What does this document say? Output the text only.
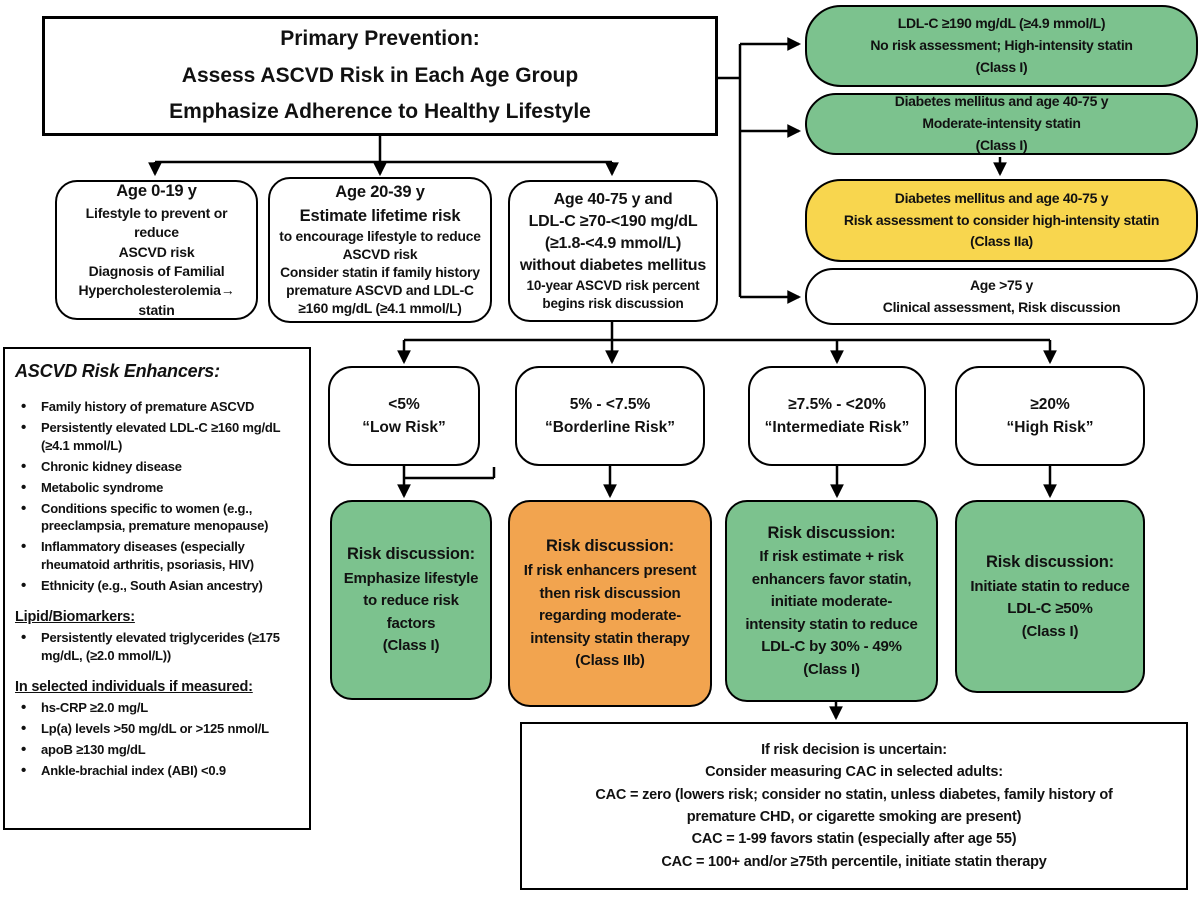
Primary Prevention:
Assess ASCVD Risk in Each Age Group
Emphasize Adherence to Healthy Lifestyle
LDL-C ≥190 mg/dL (≥4.9 mmol/L)
No risk assessment; High-intensity statin
(Class I)
Diabetes mellitus and age 40-75 y
Moderate-intensity statin
(Class I)
Diabetes mellitus and age 40-75 y
Risk assessment to consider high-intensity statin
(Class IIa)
Age >75 y
Clinical assessment, Risk discussion
Age 0-19 y
Lifestyle to prevent or reduce
ASCVD risk
Diagnosis of Familial
Hypercholesterolemia→ statin
Age 20-39 y
Estimate lifetime risk
to encourage lifestyle to reduce
ASCVD risk
Consider statin if family history
premature ASCVD and LDL-C
≥160 mg/dL (≥4.1 mmol/L)
Age 40-75 y and
LDL-C ≥70-<190 mg/dL
(≥1.8-<4.9 mmol/L)
without diabetes mellitus
10-year ASCVD risk percent
begins risk discussion
ASCVD Risk Enhancers:
• Family history of premature ASCVD
• Persistently elevated LDL-C ≥160 mg/dL (≥4.1 mmol/L)
• Chronic kidney disease
• Metabolic syndrome
• Conditions specific to women (e.g., preeclampsia, premature menopause)
• Inflammatory diseases (especially rheumatoid arthritis, psoriasis, HIV)
• Ethnicity (e.g., South Asian ancestry)
Lipid/Biomarkers:
• Persistently elevated triglycerides (≥175 mg/dL, (≥2.0 mmol/L))
In selected individuals if measured:
• hs-CRP ≥2.0 mg/L
• Lp(a) levels >50 mg/dL or >125 nmol/L
• apoB ≥130 mg/dL
• Ankle-brachial index (ABI) <0.9
<5%
“Low Risk”
5% - <7.5%
“Borderline Risk”
≥7.5% - <20%
“Intermediate Risk”
≥20%
“High Risk”
Risk discussion:
Emphasize lifestyle
to reduce risk
factors
(Class I)
Risk discussion:
If risk enhancers present
then risk discussion
regarding moderate-
intensity statin therapy
(Class IIb)
Risk discussion:
If risk estimate + risk
enhancers favor statin,
initiate moderate-
intensity statin to reduce
LDL-C by 30% - 49%
(Class I)
Risk discussion:
Initiate statin to reduce
LDL-C ≥50%
(Class I)
If risk decision is uncertain:
Consider measuring CAC in selected adults:
CAC = zero (lowers risk; consider no statin, unless diabetes, family history of
premature CHD, or cigarette smoking are present)
CAC = 1-99 favors statin (especially after age 55)
CAC = 100+ and/or ≥75th percentile, initiate statin therapy
